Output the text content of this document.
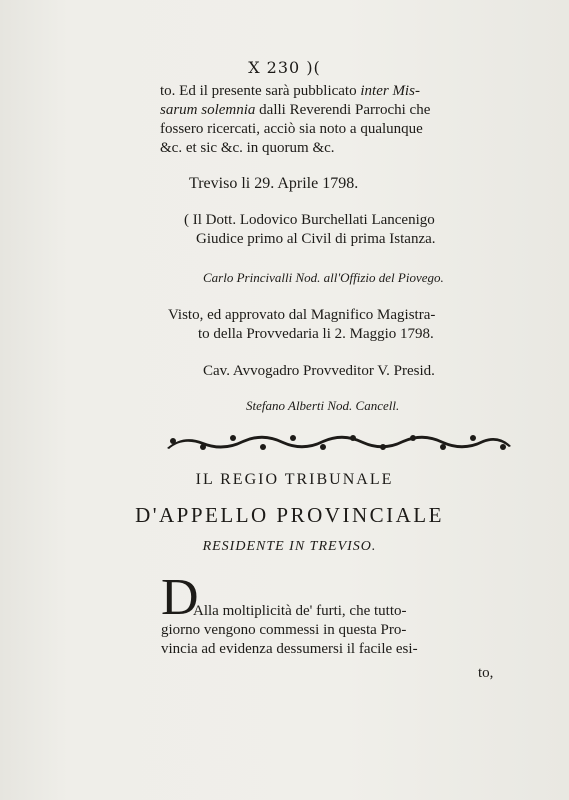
X 230 )(
to. Ed il presente sarà pubblicato inter Mis-
sarum solemnia dalli Reverendi Parrochi che
fossero ricercati, acciò sia noto a qualunque
&c. et sic &c. in quorum &c.
Treviso li 29. Aprile 1798.
( Il Dott. Lodovico Burchellati Lancenigo
Giudice primo al Civil di prima Istanza.
Carlo Princivalli Nod. all'Offizio del Piovego.
Visto, ed approvato dal Magnifico Magistra-
to della Provvedaria li 2. Maggio 1798.
Cav. Avvogadro Provveditor V. Presid.
Stefano Alberti Nod. Cancell.
IL REGIO TRIBUNALE
D'APPELLO PROVINCIALE
RESIDENTE IN TREVISO.
D
Alla moltiplicità de' furti, che tutto-
giorno vengono commessi in questa Pro-
vincia ad evidenza dessumersi il facile esi-
to,
